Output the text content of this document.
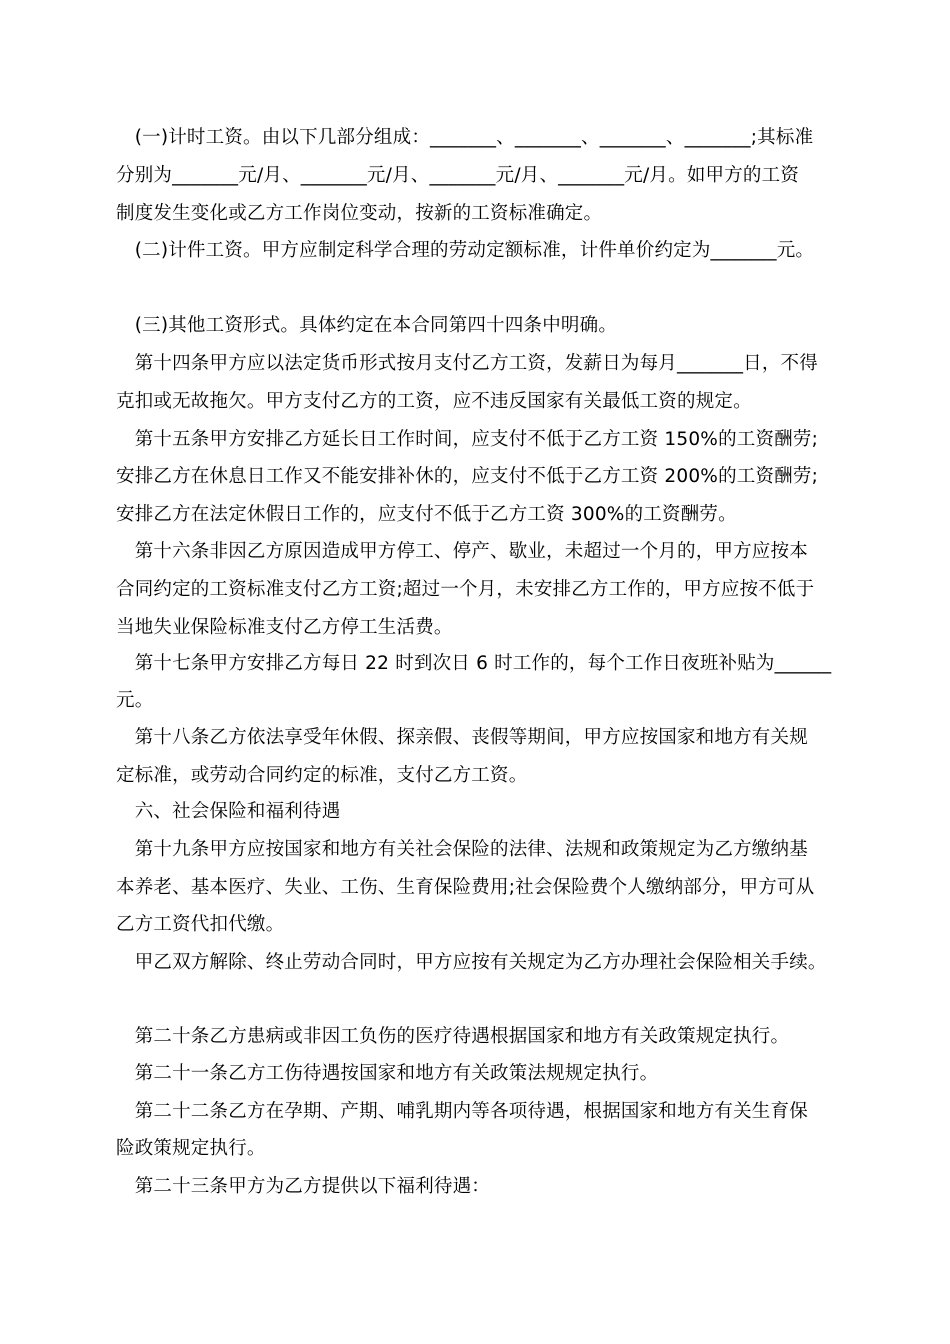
　(一)计时工资。由以下几部分组成：_______、_______、_______、_______;其标准
分别为_______元/月、_______元/月、_______元/月、_______元/月。如甲方的工资
制度发生变化或乙方工作岗位变动，按新的工资标准确定。
　(二)计件工资。甲方应制定科学合理的劳动定额标准，计件单价约定为_______元。
　(三)其他工资形式。具体约定在本合同第四十四条中明确。
　第十四条甲方应以法定货币形式按月支付乙方工资，发薪日为每月_______日，不得
克扣或无故拖欠。甲方支付乙方的工资，应不违反国家有关最低工资的规定。
　第十五条甲方安排乙方延长日工作时间，应支付不低于乙方工资 150%的工资酬劳;
安排乙方在休息日工作又不能安排补休的，应支付不低于乙方工资 200%的工资酬劳;
安排乙方在法定休假日工作的，应支付不低于乙方工资 300%的工资酬劳。
　第十六条非因乙方原因造成甲方停工、停产、歇业，未超过一个月的，甲方应按本
合同约定的工资标准支付乙方工资;超过一个月，未安排乙方工作的，甲方应按不低于
当地失业保险标准支付乙方停工生活费。
　第十七条甲方安排乙方每日 22 时到次日 6 时工作的，每个工作日夜班补贴为______
元。
　第十八条乙方依法享受年休假、探亲假、丧假等期间，甲方应按国家和地方有关规
定标准，或劳动合同约定的标准，支付乙方工资。
　六、社会保险和福利待遇
　第十九条甲方应按国家和地方有关社会保险的法律、法规和政策规定为乙方缴纳基
本养老、基本医疗、失业、工伤、生育保险费用;社会保险费个人缴纳部分，甲方可从
乙方工资代扣代缴。
　甲乙双方解除、终止劳动合同时，甲方应按有关规定为乙方办理社会保险相关手续。
　第二十条乙方患病或非因工负伤的医疗待遇根据国家和地方有关政策规定执行。
　第二十一条乙方工伤待遇按国家和地方有关政策法规规定执行。
　第二十二条乙方在孕期、产期、哺乳期内等各项待遇，根据国家和地方有关生育保
险政策规定执行。
　第二十三条甲方为乙方提供以下福利待遇：
